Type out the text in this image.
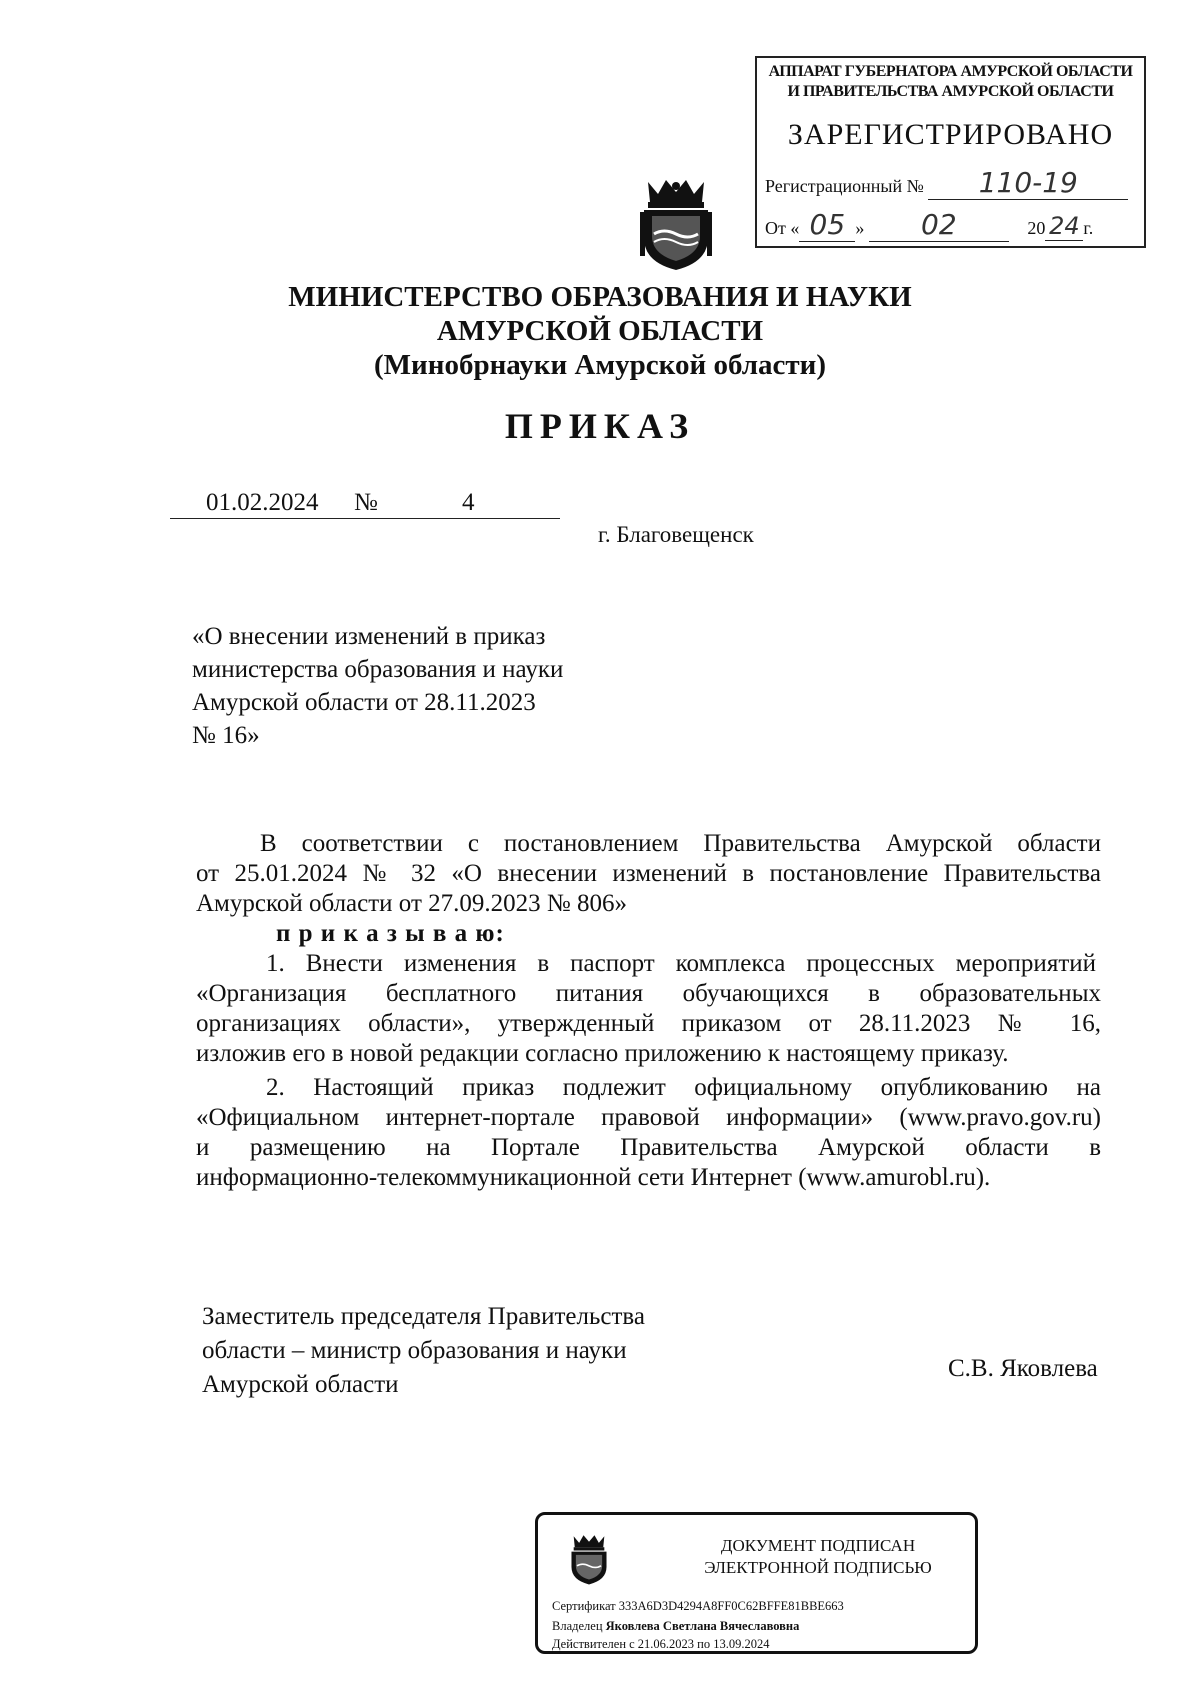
АППАРАТ ГУБЕРНАТОРА АМУРСКОЙ ОБЛАСТИ
И ПРАВИТЕЛЬСТВА АМУРСКОЙ ОБЛАСТИ
ЗАРЕГИСТРИРОВАНО
Регистрационный № 110-19
От « 05 » 02	20 24 г.
МИНИСТЕРСТВО ОБРАЗОВАНИЯ И НАУКИ
АМУРСКОЙ ОБЛАСТИ
(Минобрнауки Амурской области)
ПРИКАЗ
01.02.2024 №	4
г. Благовещенск
«О внесении изменений в приказ
министерства образования и науки
Амурской области от 28.11.2023
№ 16»
В соответствии с постановлением Правительства Амурской области
от 25.01.2024 № 32 «О внесении изменений в постановление Правительства
Амурской области от 27.09.2023 № 806»
п р и к а з ы в а ю:
1. Внести изменения в паспорт комплекса процессных мероприятий
«Организация бесплатного питания обучающихся в образовательных
организациях области», утвержденный приказом от 28.11.2023 № 16,
изложив его в новой редакции согласно приложению к настоящему приказу.
2. Настоящий приказ подлежит официальному опубликованию на
«Официальном интернет-портале правовой информации» (www.pravo.gov.ru)
и размещению на Портале Правительства Амурской области в
информационно-телекоммуникационной сети Интернет (www.amurobl.ru).
Заместитель председателя Правительства
области – министр образования и науки
Амурской области
С.В. Яковлева
ДОКУМЕНТ ПОДПИСАН
ЭЛЕКТРОННОЙ ПОДПИСЬЮ
Сертификат 333A6D3D4294A8FF0C62BFFE81BBE663
Владелец Яковлева Светлана Вячеславовна
Действителен с 21.06.2023 по 13.09.2024
